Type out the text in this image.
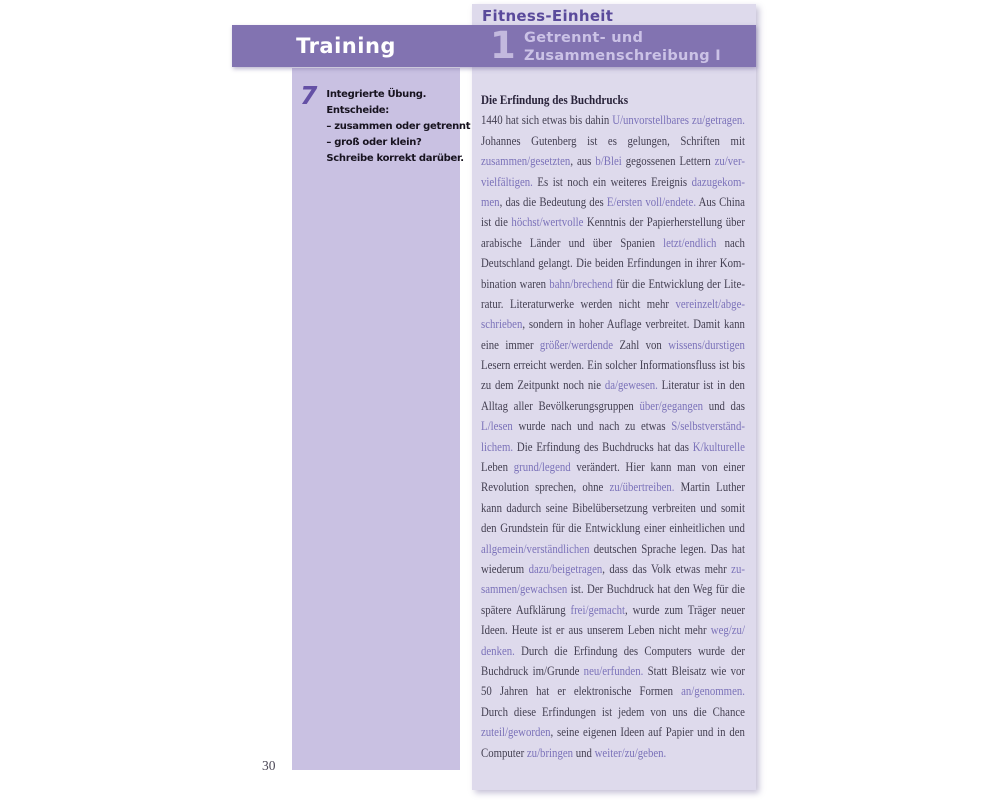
Fitness-Einheit
7 Integrierte Übung.
Entscheide:
– zusammen oder getrennt
– groß oder klein?
Schreibe korrekt darüber.
Training	1 Getrennt- und
Zusammenschreibung I
Die Erfindung des Buchdrucks
1440 hat sich etwas bis dahin U/unvorstellbares zu/getragen.
Johannes Gutenberg ist es gelungen, Schriften mit
zusammen/gesetzten, aus b/Blei gegossenen Lettern zu/ver-
vielfältigen. Es ist noch ein weiteres Ereignis dazugekom-
men, das die Bedeutung des E/ersten voll/endete. Aus China
ist die höchst/wertvolle Kenntnis der Papierherstellung über
arabische Länder und über Spanien letzt/endlich nach
Deutschland gelangt. Die beiden Erfindungen in ihrer Kom-
bination waren bahn/brechend für die Entwicklung der Lite-
ratur. Literaturwerke werden nicht mehr vereinzelt/abge-
schrieben, sondern in hoher Auflage verbreitet. Damit kann
eine immer größer/werdende Zahl von wissens/durstigen
Lesern erreicht werden. Ein solcher Informationsfluss ist bis
zu dem Zeitpunkt noch nie da/gewesen. Literatur ist in den
Alltag aller Bevölkerungsgruppen über/gegangen und das
L/lesen wurde nach und nach zu etwas S/selbstverständ-
lichem. Die Erfindung des Buchdrucks hat das K/kulturelle
Leben grund/legend verändert. Hier kann man von einer
Revolution sprechen, ohne zu/übertreiben. Martin Luther
kann dadurch seine Bibelübersetzung verbreiten und somit
den Grundstein für die Entwicklung einer einheitlichen und
allgemein/verständlichen deutschen Sprache legen. Das hat
wiederum dazu/beigetragen, dass das Volk etwas mehr zu-
sammen/gewachsen ist. Der Buchdruck hat den Weg für die
spätere Aufklärung frei/gemacht, wurde zum Träger neuer
Ideen. Heute ist er aus unserem Leben nicht mehr weg/zu/
denken. Durch die Erfindung des Computers wurde der
Buchdruck im/Grunde neu/erfunden. Statt Bleisatz wie vor
50 Jahren hat er elektronische Formen an/genommen.
Durch diese Erfindungen ist jedem von uns die Chance
zuteil/geworden, seine eigenen Ideen auf Papier und in den
Computer zu/bringen und weiter/zu/geben.
30
